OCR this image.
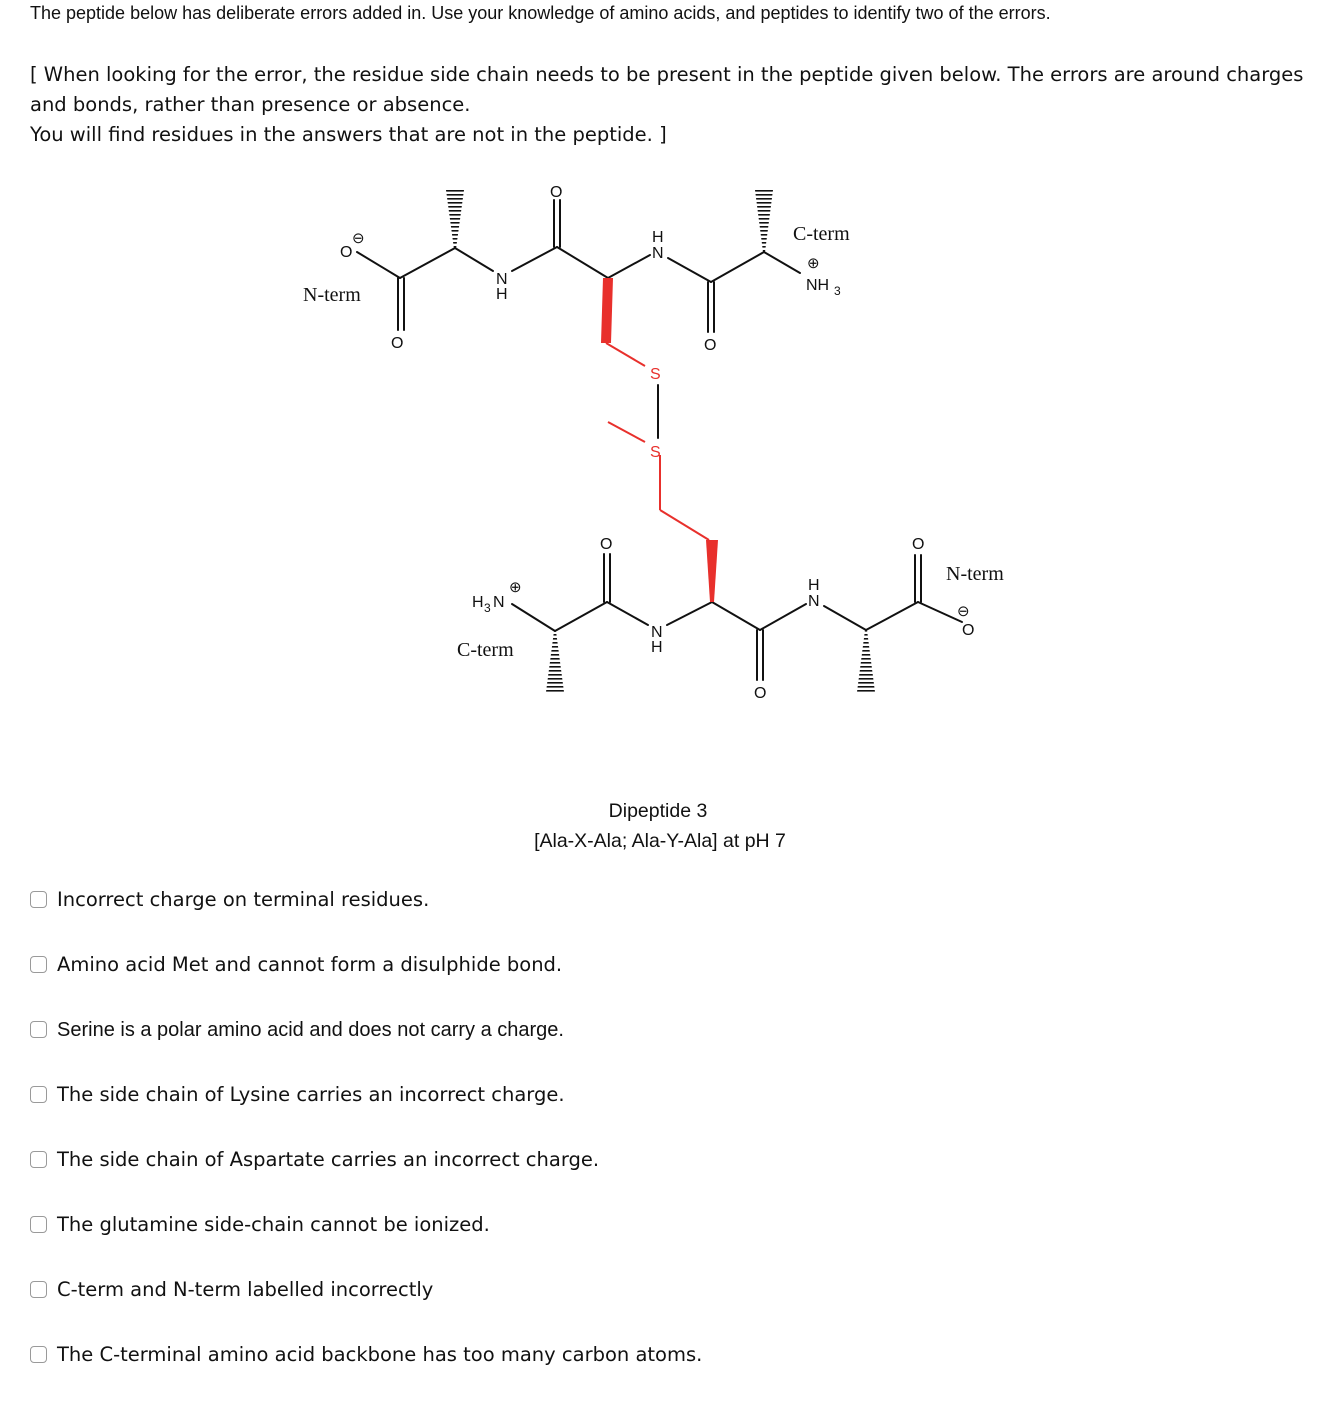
The peptide below has deliberate errors added in. Use your knowledge of amino acids, and peptides to identify two of the errors.

[ When looking for the error, the residue side chain needs to be present in the peptide given below. The errors are around charges and bonds, rather than presence or absence.
You will find residues in the answers that are not in the peptide. ]
N-term
O
⊖
O
N
H
O
H
N
O
C-term
⊕
NH 3
S
S
H 3 N
⊕
C-term
O
N
H
O
H
N
O
N-term
⊖
O
Dipeptide 3
[Ala-X-Ala; Ala-Y-Ala] at pH 7
Incorrect charge on terminal residues.
Amino acid Met and cannot form a disulphide bond.
Serine is a polar amino acid and does not carry a charge.
The side chain of Lysine carries an incorrect charge.
The side chain of Aspartate carries an incorrect charge.
The glutamine side-chain cannot be ionized.
C-term and N-term labelled incorrectly
The C-terminal amino acid backbone has too many carbon atoms.
